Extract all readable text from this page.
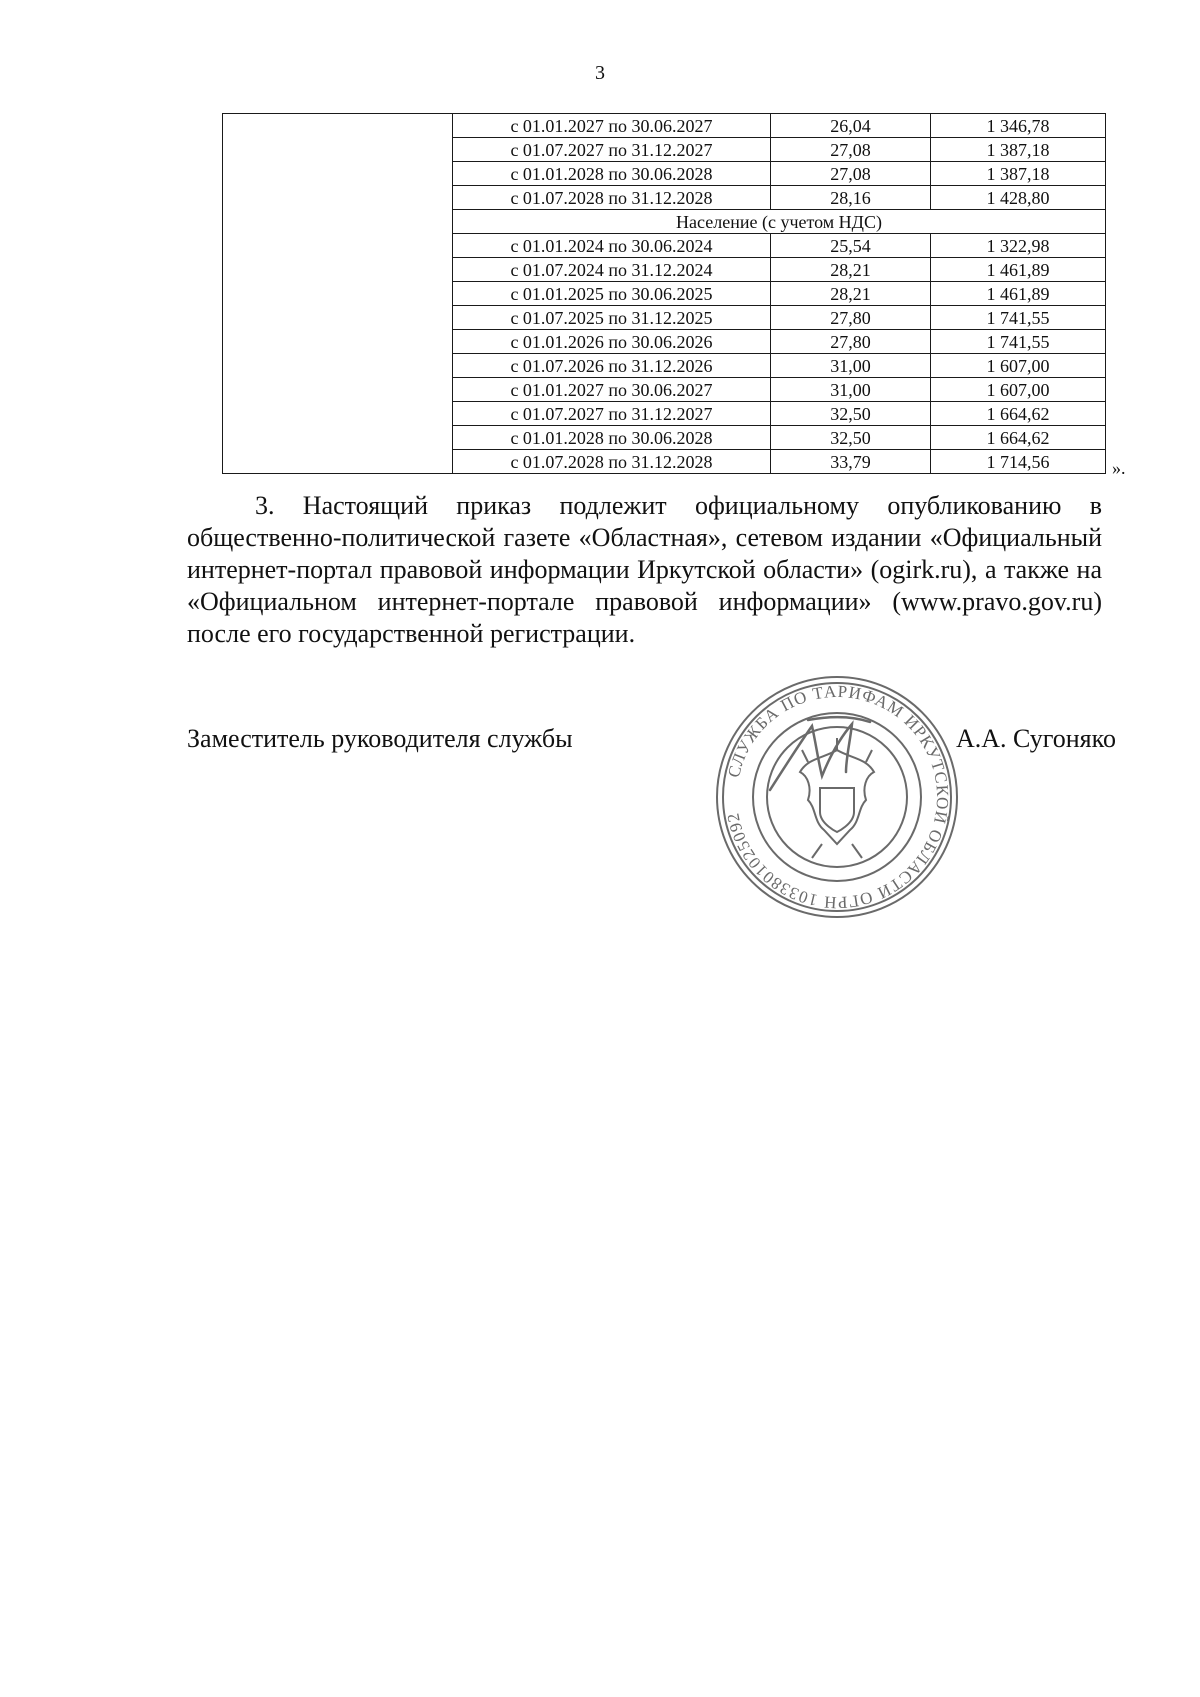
3
	с 01.01.2027 по 30.06.2027	26,04	1 346,78
	с 01.07.2027 по 31.12.2027	27,08	1 387,18
	с 01.01.2028 по 30.06.2028	27,08	1 387,18
	с 01.07.2028 по 31.12.2028	28,16	1 428,80
	Население (с учетом НДС)		
	с 01.01.2024 по 30.06.2024	25,54	1 322,98
	с 01.07.2024 по 31.12.2024	28,21	1 461,89
	с 01.01.2025 по 30.06.2025	28,21	1 461,89
	с 01.07.2025 по 31.12.2025	27,80	1 741,55
	с 01.01.2026 по 30.06.2026	27,80	1 741,55
	с 01.07.2026 по 31.12.2026	31,00	1 607,00
	с 01.01.2027 по 30.06.2027	31,00	1 607,00
	с 01.07.2027 по 31.12.2027	32,50	1 664,62
	с 01.01.2028 по 30.06.2028	32,50	1 664,62
	с 01.07.2028 по 31.12.2028	33,79	1 714,56	».

3. Настоящий приказ подлежит официальному опубликованию в общественно-политической газете «Областная», сетевом издании «Официальный интернет-портал правовой информации Иркутской области» (ogirk.ru), а также на «Официальном интернет-портале правовой информации» (www.pravo.gov.ru) после его государственной регистрации.

Заместитель руководителя службы
СЛУЖБА ПО ТАРИФАМ ИРКУТСКОЙ ОБЛАСТИ ОГРН 1033801025092
А.А. Сугоняко
